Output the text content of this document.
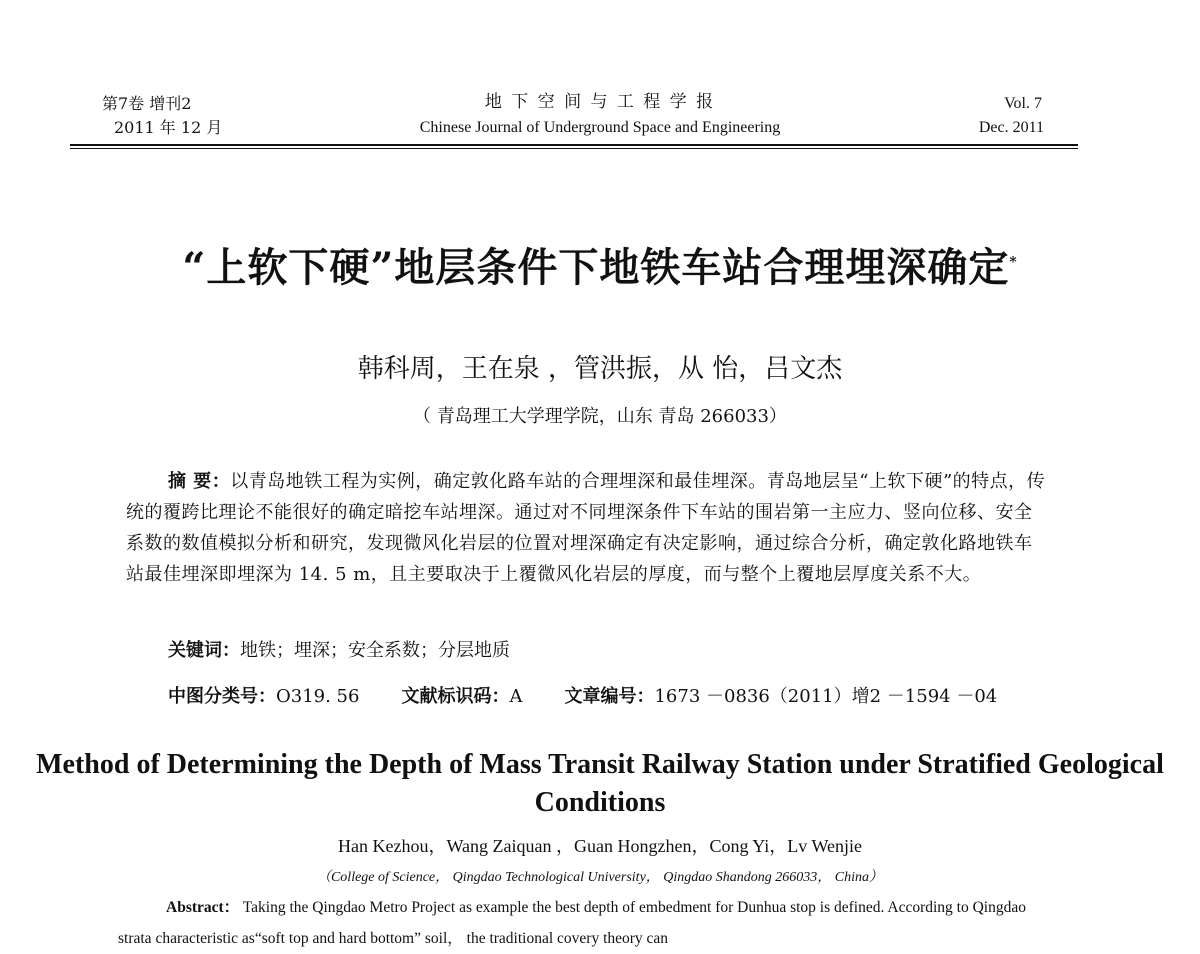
第7卷 增刊2
2011 年 12 月
地 下 空 间 与 工 程 学 报
Chinese Journal of Underground Space and Engineering
Vol. 7
Dec. 2011
“上软下硬”地层条件下地铁车站合理埋深确定*
韩科周，王在泉 ，管洪振，从 怡，吕文杰
（ 青岛理工大学理学院，山东 青岛 266033）
摘 要：以青岛地铁工程为实例，确定敦化路车站的合理埋深和最佳埋深。青岛地层呈“上软下硬”的特点，传统的覆跨比理论不能很好的确定暗挖车站埋深。通过对不同埋深条件下车站的围岩第一主应力、竖向位移、安全系数的数值模拟分析和研究，发现微风化岩层的位置对埋深确定有决定影响，通过综合分析，确定敦化路地铁车站最佳埋深即埋深为 14. 5 m，且主要取决于上覆微风化岩层的厚度，而与整个上覆地层厚度关系不大。
关键词：地铁；埋深；安全系数；分层地质
中图分类号：O319. 56 文献标识码：A 文章编号：1673 －0836（2011）增2 －1594 －04
Method of Determining the Depth of Mass Transit Railway Station under Stratified Geological Conditions
Han Kezhou，Wang Zaiquan ，Guan Hongzhen，Cong Yi，Lv Wenjie
（College of Science， Qingdao Technological University， Qingdao Shandong 266033， China）
Abstract： Taking the Qingdao Metro Project as example the best depth of embedment for Dunhua stop is defined. According to Qingdao strata characteristic as“soft top and hard bottom” soil， the traditional covery theory can
